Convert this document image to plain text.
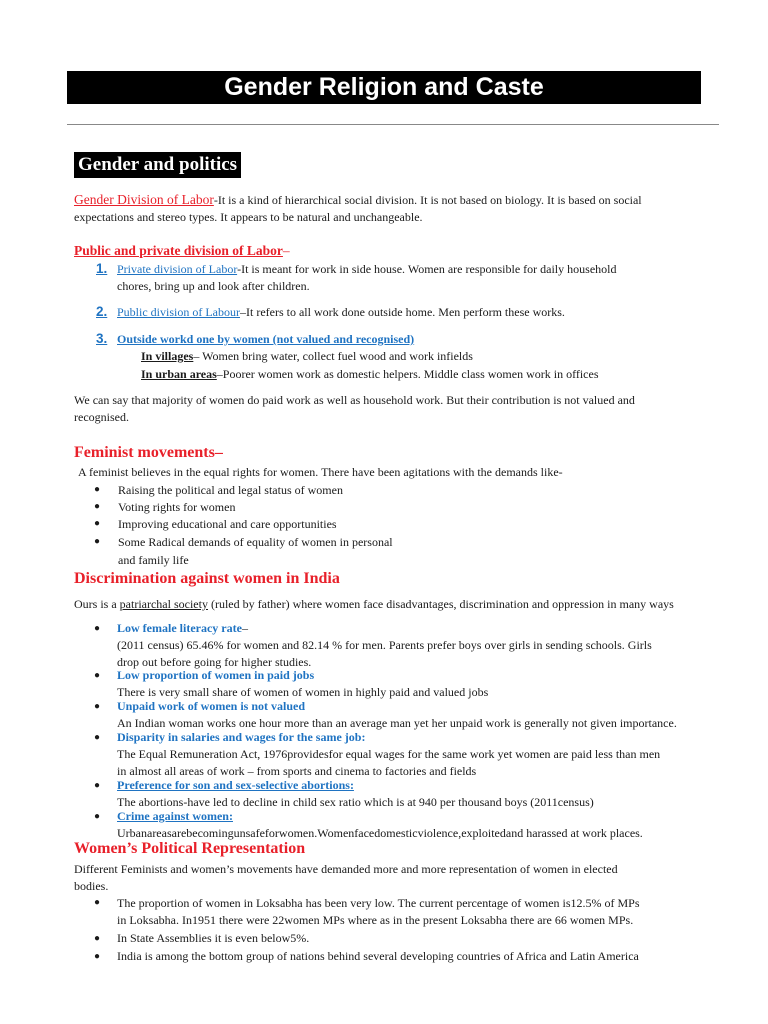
Gender Religion and Caste
Gender and politics
Gender Division of Labor-It is a kind of hierarchical social division. It is not based on biology. It is based on social
expectations and stereo types. It appears to be natural and unchangeable.
Public and private division of Labor–
1. Private division of Labor-It is meant for work in side house. Women are responsible for daily household
chores, bring up and look after children.
2. Public division of Labour–It refers to all work done outside home. Men perform these works.
3. Outside workd one by women (not valued and recognised)
In villages– Women bring water, collect fuel wood and work infields
In urban areas–Poorer women work as domestic helpers. Middle class women work in offices
We can say that majority of women do paid work as well as household work. But their contribution is not valued and
recognised.
Feminist movements–
A feminist believes in the equal rights for women. There have been agitations with the demands like-
● Raising the political and legal status of women
● Voting rights for women
● Improving educational and care opportunities
● Some Radical demands of equality of women in personal
and family life
Discrimination against women in India
Ours is a patriarchal society (ruled by father) where women face disadvantages, discrimination and oppression in many ways
● Low female literacy rate–
(2011 census) 65.46% for women and 82.14 % for men. Parents prefer boys over girls in sending schools. Girls
drop out before going for higher studies.
● Low proportion of women in paid jobs
There is very small share of women of women in highly paid and valued jobs
● Unpaid work of women is not valued
An Indian woman works one hour more than an average man yet her unpaid work is generally not given importance.
● Disparity in salaries and wages for the same job:
The Equal Remuneration Act, 1976providesfor equal wages for the same work yet women are paid less than men
in almost all areas of work – from sports and cinema to factories and fields
● Preference for son and sex-selective abortions:
The abortions-have led to decline in child sex ratio which is at 940 per thousand boys (2011census)
● Crime against women:
Urbanareasarebecomingunsafeforwomen.Womenfacedomesticviolence,exploitedand harassed at work places.
Women’s Political Representation
Different Feminists and women’s movements have demanded more and more representation of women in elected
bodies.
● The proportion of women in Loksabha has been very low. The current percentage of women is12.5% of MPs
in Loksabha. In1951 there were 22women MPs where as in the present Loksabha there are 66 women MPs.
● In State Assemblies it is even below5%.
● India is among the bottom group of nations behind several developing countries of Africa and Latin America
